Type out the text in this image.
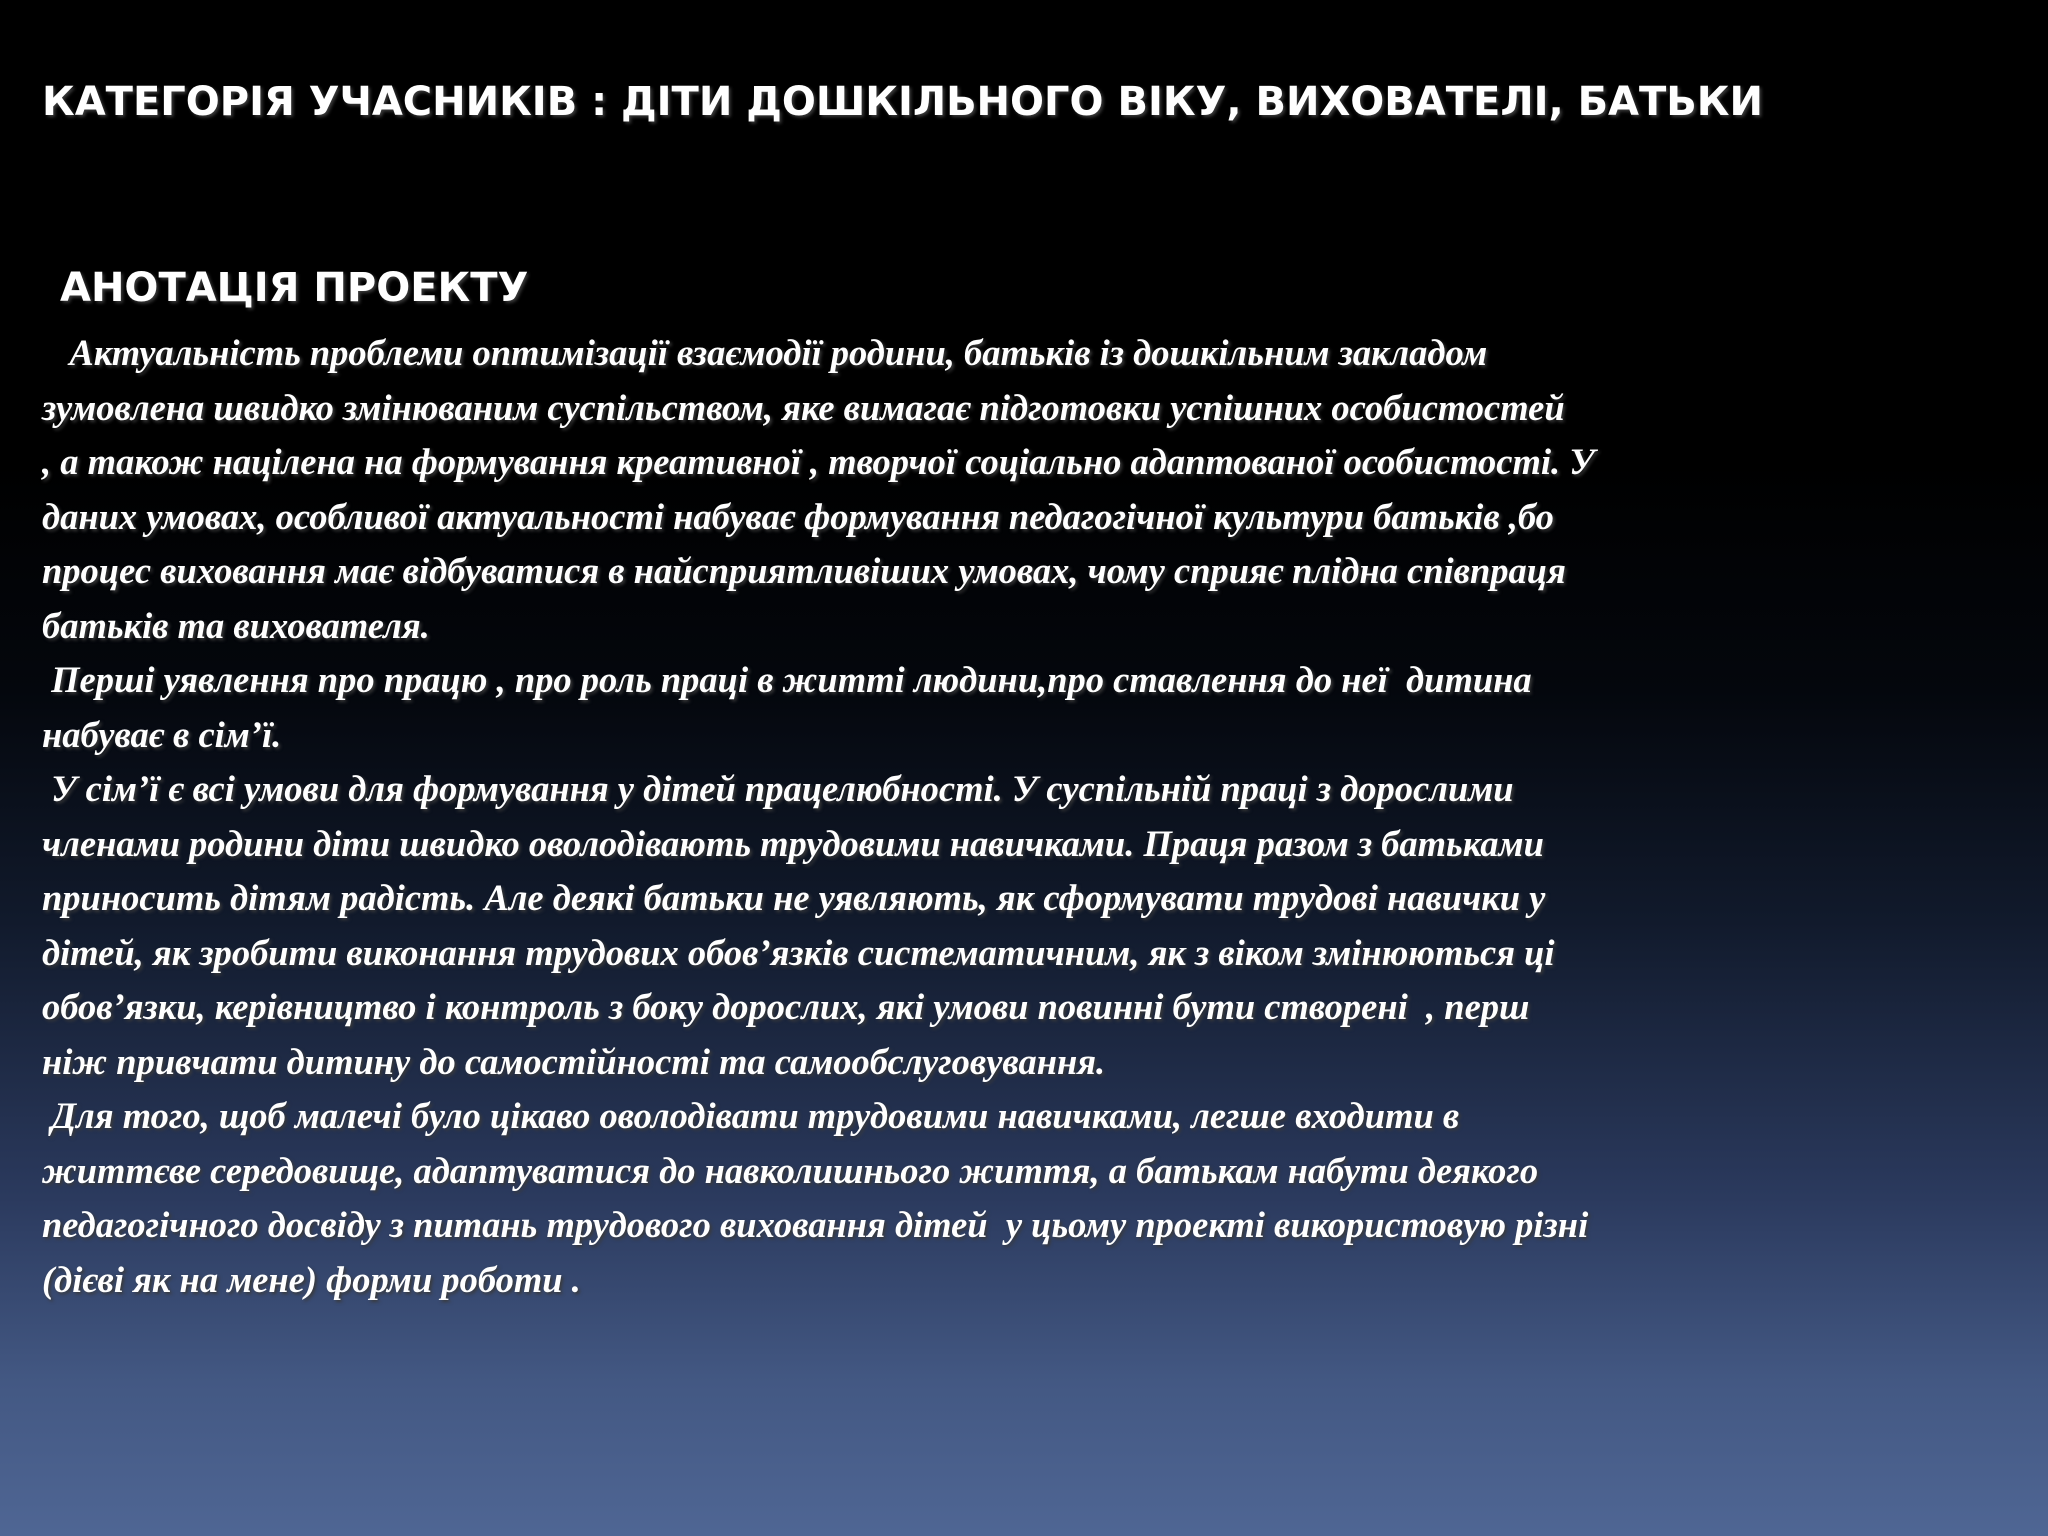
КАТЕГОРІЯ УЧАСНИКІВ : ДІТИ ДОШКІЛЬНОГО ВІКУ, ВИХОВАТЕЛІ, БАТЬКИ
АНОТАЦІЯ ПРОЕКТУ
Актуальність проблеми оптимізації взаємодії родини, батьків із дошкільним закладом
зумовлена швидко змінюваним суспільством, яке вимагає підготовки успішних особистостей
, а також націлена на формування креативної , творчої соціально адаптованої особистості. У
даних умовах, особливої актуальності набуває формування педагогічної культури батьків ,бо
процес виховання має відбуватися в найсприятливіших умовах, чому сприяє плідна співпраця
батьків та вихователя.
Перші уявлення про працю , про роль праці в житті людини,про ставлення до неї  дитина
набуває в сім’ї.
У сім’ї є всі умови для формування у дітей працелюбності. У суспільній праці з дорослими
членами родини діти швидко оволодівають трудовими навичками. Праця разом з батьками
приносить дітям радість. Але деякі батьки не уявляють, як сформувати трудові навички у
дітей, як зробити виконання трудових обов’язків систематичним, як з віком змінюються ці
обов’язки, керівництво і контроль з боку дорослих, які умови повинні бути створені  , перш
ніж привчати дитину до самостійності та самообслуговування.
Для того, щоб малечі було цікаво оволодівати трудовими навичками, легше входити в
життєве середовище, адаптуватися до навколишнього життя, а батькам набути деякого
педагогічного досвіду з питань трудового виховання дітей  у цьому проекті використовую різні
(дієві як на мене) форми роботи .
